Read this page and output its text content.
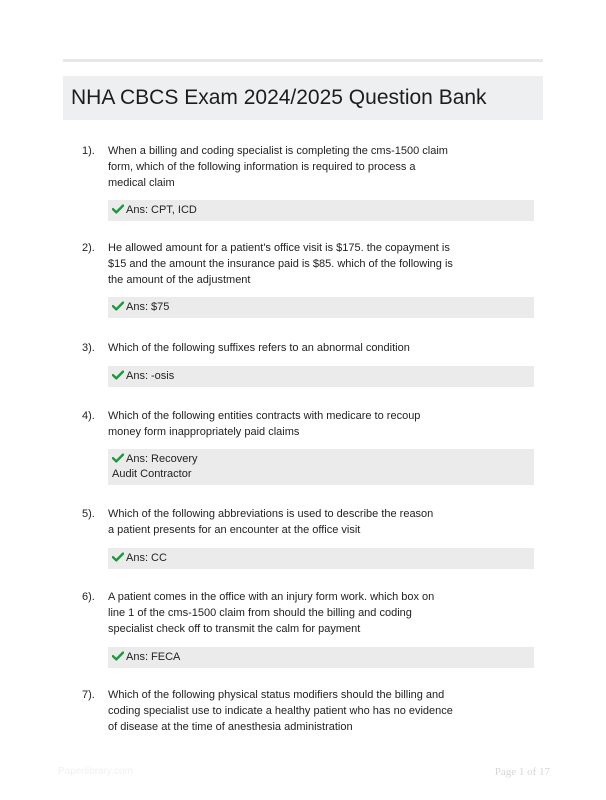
NHA CBCS Exam 2024/2025 Question Bank
1). When a billing and coding specialist is completing the cms-1500 claim form, which of the following information is required to process a medical claim
Ans: CPT, ICD
2). He allowed amount for a patient's office visit is $175. the copayment is $15 and the amount the insurance paid is $85. which of the following is the amount of the adjustment
Ans: $75
3). Which of the following suffixes refers to an abnormal condition
Ans: -osis
4). Which of the following entities contracts with medicare to recoup money form inappropriately paid claims
Ans: Recovery Audit Contractor
5). Which of the following abbreviations is used to describe the reason a patient presents for an encounter at the office visit
Ans: CC
6). A patient comes in the office with an injury form work. which box on line 1 of the cms-1500 claim from should the billing and coding specialist check off to transmit the calm for payment
Ans: FECA
7). Which of the following physical status modifiers should the billing and coding specialist use to indicate a healthy patient who has no evidence of disease at the time of anesthesia administration
Paperlibrary.com	Page 1 of 17
